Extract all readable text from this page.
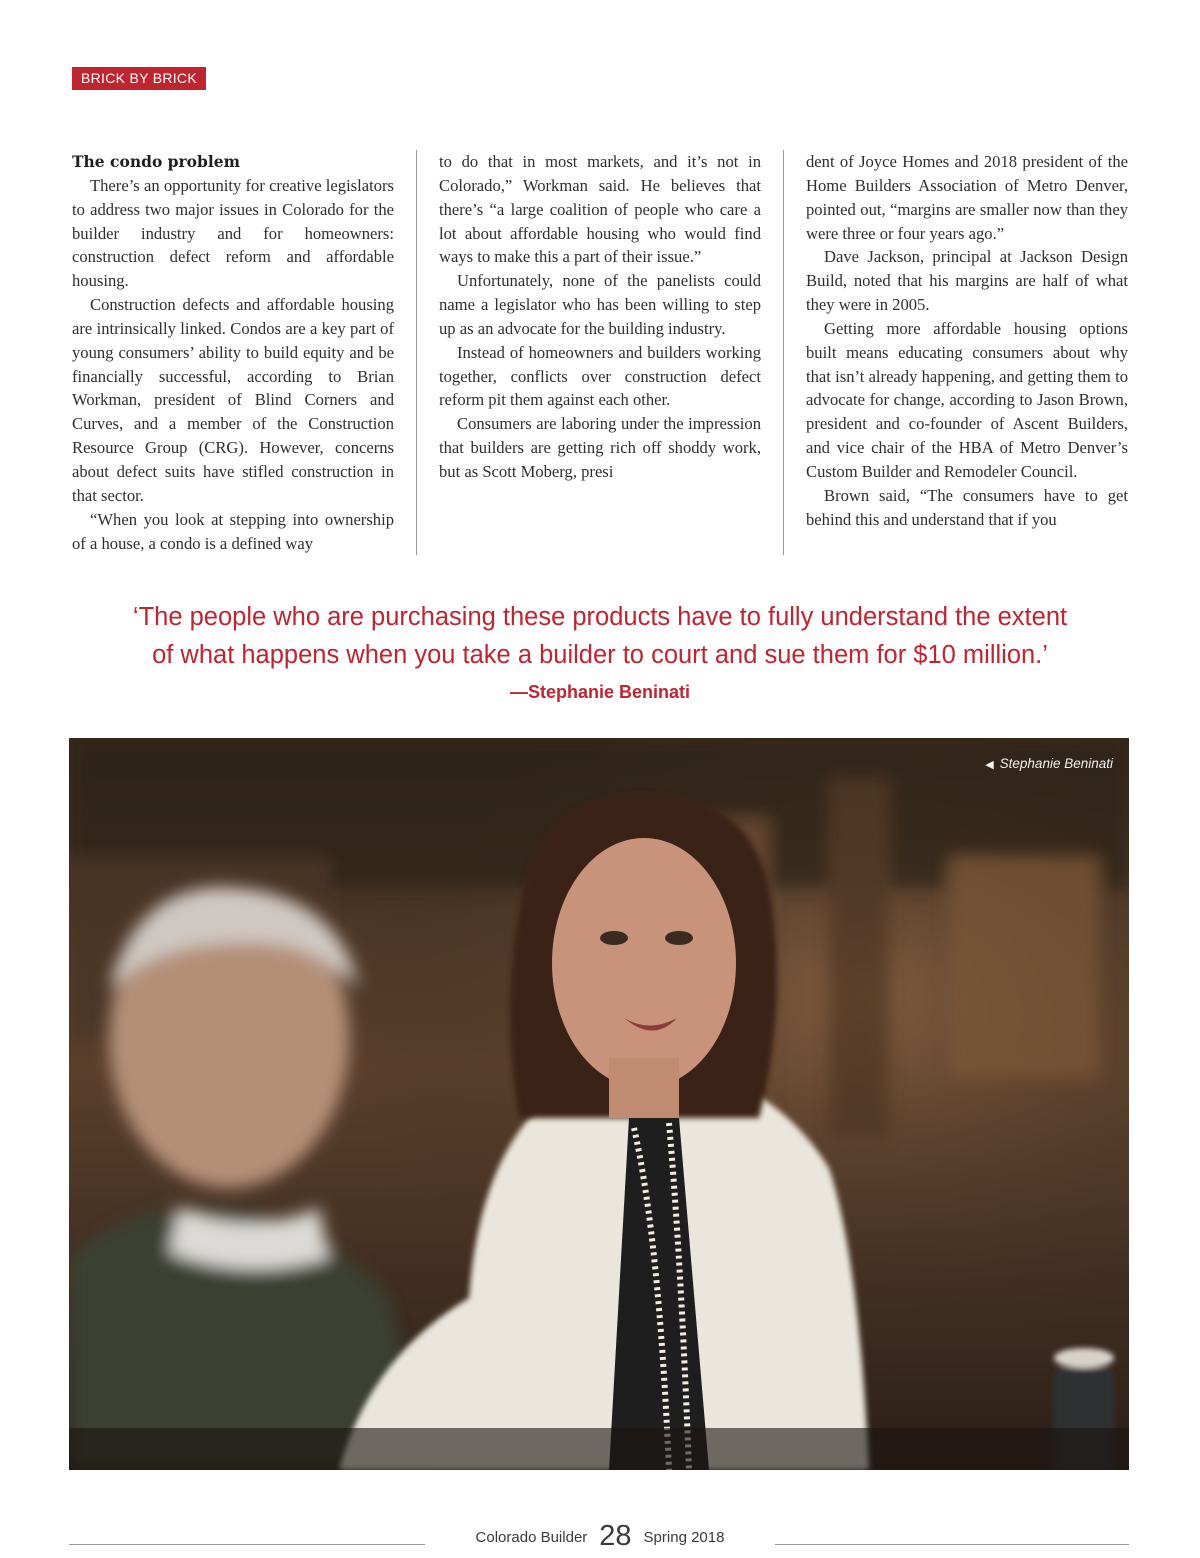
BRICK BY BRICK
The condo problem

There’s an opportunity for creative legislators to address two major issues in Colorado for the builder industry and for homeowners: construction defect reform and affordable housing.

Construction defects and affordable housing are intrinsically linked. Condos are a key part of young consumers’ ability to build equity and be financially successful, according to Brian Workman, president of Blind Corners and Curves, and a member of the Construction Resource Group (CRG). However, concerns about defect suits have stifled construction in that sector.

“When you look at stepping into ownership of a house, a condo is a defined way

to do that in most markets, and it’s not in Colorado,” Workman said. He believes that there’s “a large coalition of people who care a lot about affordable housing who would find ways to make this a part of their issue.”

Unfortunately, none of the panelists could name a legislator who has been willing to step up as an advocate for the building industry.

Instead of homeowners and builders working together, conflicts over construction defect reform pit them against each other.

Consumers are laboring under the impression that builders are getting rich off shoddy work, but as Scott Moberg, presi

dent of Joyce Homes and 2018 president of the Home Builders Association of Metro Denver, pointed out, “margins are smaller now than they were three or four years ago.”

Dave Jackson, principal at Jackson Design Build, noted that his margins are half of what they were in 2005.

Getting more affordable housing options built means educating consumers about why that isn’t already happening, and getting them to advocate for change, according to Jason Brown, president and co-founder of Ascent Builders, and vice chair of the HBA of Metro Denver’s Custom Builder and Remodeler Council.

Brown said, “The consumers have to get behind this and understand that if you

‘The people who are purchasing these products have to fully understand the extent
of what happens when you take a builder to court and sue them for $10 million.’
—Stephanie Beninati
◀ Stephanie Beninati
Colorado Builder 28 Spring 2018
